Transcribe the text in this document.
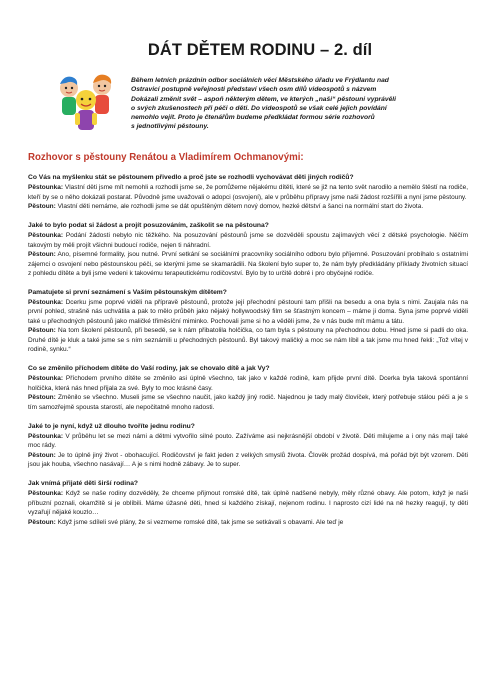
DÁT DĚTEM RODINU – 2. díl

Během letních prázdnin odbor sociálních věcí Městského úřadu ve Frýdlantu nad

Ostravicí postupně veřejnosti představí všech osm dílů videospotů s názvem

Dokázali změnit svět – aspoň některým dětem, ve kterých „naši“ pěstouni vyprávěli

o svých zkušenostech při péči o děti. Do videospotů se však celé jejich povídání

nemohlo vejít. Proto je čtenářům budeme předkládat formou série rozhovorů

s jednotlivými pěstouny.

Rozhovor s pěstouny Renátou a Vladimírem Ochmanovými:
Co Vás na myšlenku stát se pěstounem přivedlo a proč jste se rozhodli vychovávat děti jiných rodičů?
Pěstounka: Vlastní děti jsme mít nemohli a rozhodli jsme se, že pomůžeme nějakému dítěti, které se již na tento svět narodilo a nemělo štěstí na rodiče, kteří by se o něho dokázali postarat. Původně jsme uvažovali o adopci (osvojení), ale v průběhu přípravy jsme naši žádost rozšířili a nyní jsme pěstouny.
Pěstoun: Vlastní děti nemáme, ale rozhodli jsme se dát opuštěným dětem nový domov, hezké dětství a šanci na normální start do života.
Jaké to bylo podat si žádost a projít posuzováním, zaškolit se na pěstouna?
Pěstounka: Podání žádosti nebylo nic těžkého. Na posuzování pěstounů jsme se dozvěděli spoustu zajímavých věcí z dětské psychologie. Něčím takovým by měli projít všichni budoucí rodiče, nejen ti náhradní.
Pěstoun: Ano, písemné formality, jsou nutné. První setkání se sociálními pracovníky sociálního odboru bylo příjemné. Posuzování probíhalo s ostatními zájemci o osvojení nebo pěstounskou péči, se kterými jsme se skamarádili. Na školení bylo super to, že nám byly předkládány příklady životních situací z pohledu dítěte a byli jsme vedeni k takovému terapeutickému rodičovství. Bylo by to určitě dobré i pro obyčejné rodiče.
Pamatujete si první seznámení s Vaším pěstounským dítětem?
Pěstounka: Dcerku jsme poprvé viděli na přípravě pěstounů, protože její přechodní pěstouni tam přišli na besedu a ona byla s nimi. Zaujala nás na první pohled, strašně nás uchvátila a pak to mělo průběh jako nějaký hollywoodský film se šťastným koncem – máme ji doma. Syna jsme poprvé viděli také u přechodných pěstounů jako maličké třiměsíční miminko. Pochovali jsme si ho a věděli jsme, že v nás bude mít mámu a tátu.
Pěstoun: Na tom školení pěstounů, při besedě, se k nám přibatolila holčička, co tam byla s pěstouny na přechodnou dobu. Hned jsme si padli do oka. Druhé dítě je kluk a také jsme se s ním seznámili u přechodných pěstounů. Byl takový maličký a moc se nám líbil a tak jsme mu hned řekli: „Tož vítej v rodině, synku.“
Co se změnilo příchodem dítěte do Vaší rodiny, jak se chovalo dítě a jak Vy?
Pěstounka: Příchodem prvního dítěte se změnilo asi úplně všechno, tak jako v každé rodině, kam přijde první dítě. Dcerka byla taková spontánní holčička, která nás hned přijala za své. Byly to moc krásné časy.
Pěstoun: Změnilo se všechno. Museli jsme se všechno naučit, jako každý jiný rodič. Najednou je tady malý človíček, který potřebuje stálou péči a je s tím samozřejmě spousta starostí, ale nepočitatně mnoho radosti.
Jaké to je nyní, když už dlouho tvoříte jednu rodinu?
Pěstounka: V průběhu let se mezi námi a dětmi vytvořilo silné pouto. Zažíváme asi nejkrásnější období v životě. Děti milujeme a i ony nás mají také moc rády.
Pěstoun: Je to úplně jiný život - obohacující. Rodičovství je fakt jeden z velkých smyslů života. Člověk prožád dospívá, má pořád být být vzorem. Děti jsou jak houba, všechno nasávají… A je s nimi hodně zábavy. Je to super.
Jak vnímá přijaté děti širší rodina?
Pěstounka: Když se naše rodiny dozvěděly, že chceme přijmout romské dítě, tak úplně nadšené nebyly, měly různé obavy. Ale potom, když je naši příbuzní poznali, okamžitě si je oblíbili. Máme úžasné děti, hned si každého získají, nejenom rodinu. I naprosto cizí lidé na ně hezky reagují, ty děti vyzařují nějaké kouzlo…
Pěstoun: Když jsme sdíleli své plány, že si vezmeme romské dítě, tak jsme se setkávali s obavami. Ale teď je
